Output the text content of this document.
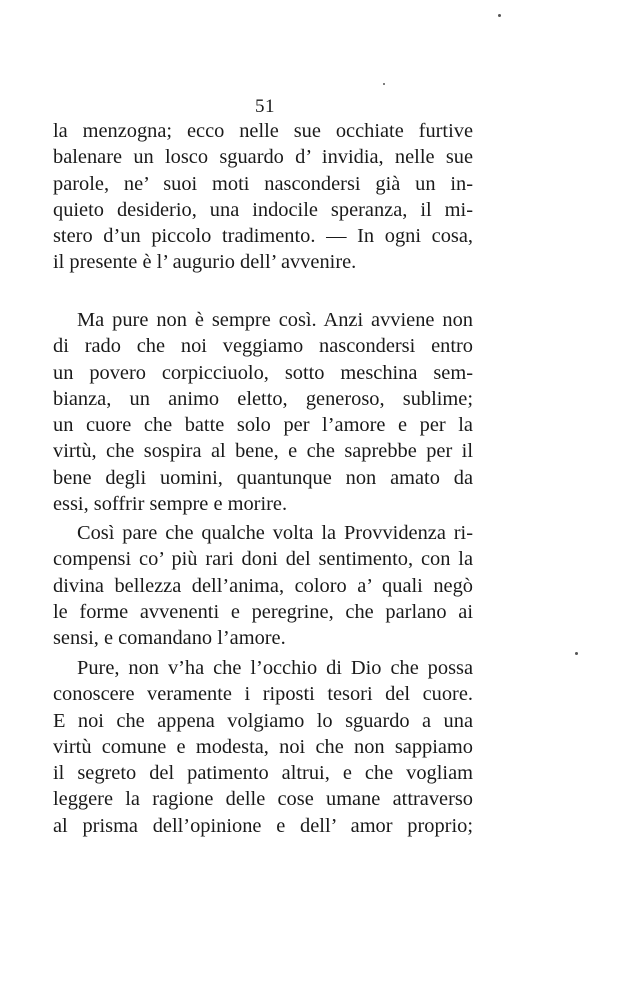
51
la menzogna; ecco nelle sue occhiate furtive
balenare un losco sguardo d’ invidia, nelle sue
parole, ne’ suoi moti nascondersi già un in-
quieto desiderio, una indocile speranza, il mi-
stero d’un piccolo tradimento. — In ogni cosa,
il presente è l’ augurio dell’ avvenire.
Ma pure non è sempre così. Anzi avviene non
di rado che noi veggiamo nascondersi entro
un povero corpicciuolo, sotto meschina sem-
bianza, un animo eletto, generoso, sublime;
un cuore che batte solo per l’amore e per la
virtù, che sospira al bene, e che saprebbe per il
bene degli uomini, quantunque non amato da
essi, soffrir sempre e morire.
Così pare che qualche volta la Provvidenza ri-
compensi co’ più rari doni del sentimento, con la
divina bellezza dell’anima, coloro a’ quali negò
le forme avvenenti e peregrine, che parlano ai
sensi, e comandano l’amore.
Pure, non v’ha che l’occhio di Dio che possa
conoscere veramente i riposti tesori del cuore.
E noi che appena volgiamo lo sguardo a una
virtù comune e modesta, noi che non sappiamo
il segreto del patimento altrui, e che vogliam
leggere la ragione delle cose umane attraverso
al prisma dell’opinione e dell’ amor proprio;
